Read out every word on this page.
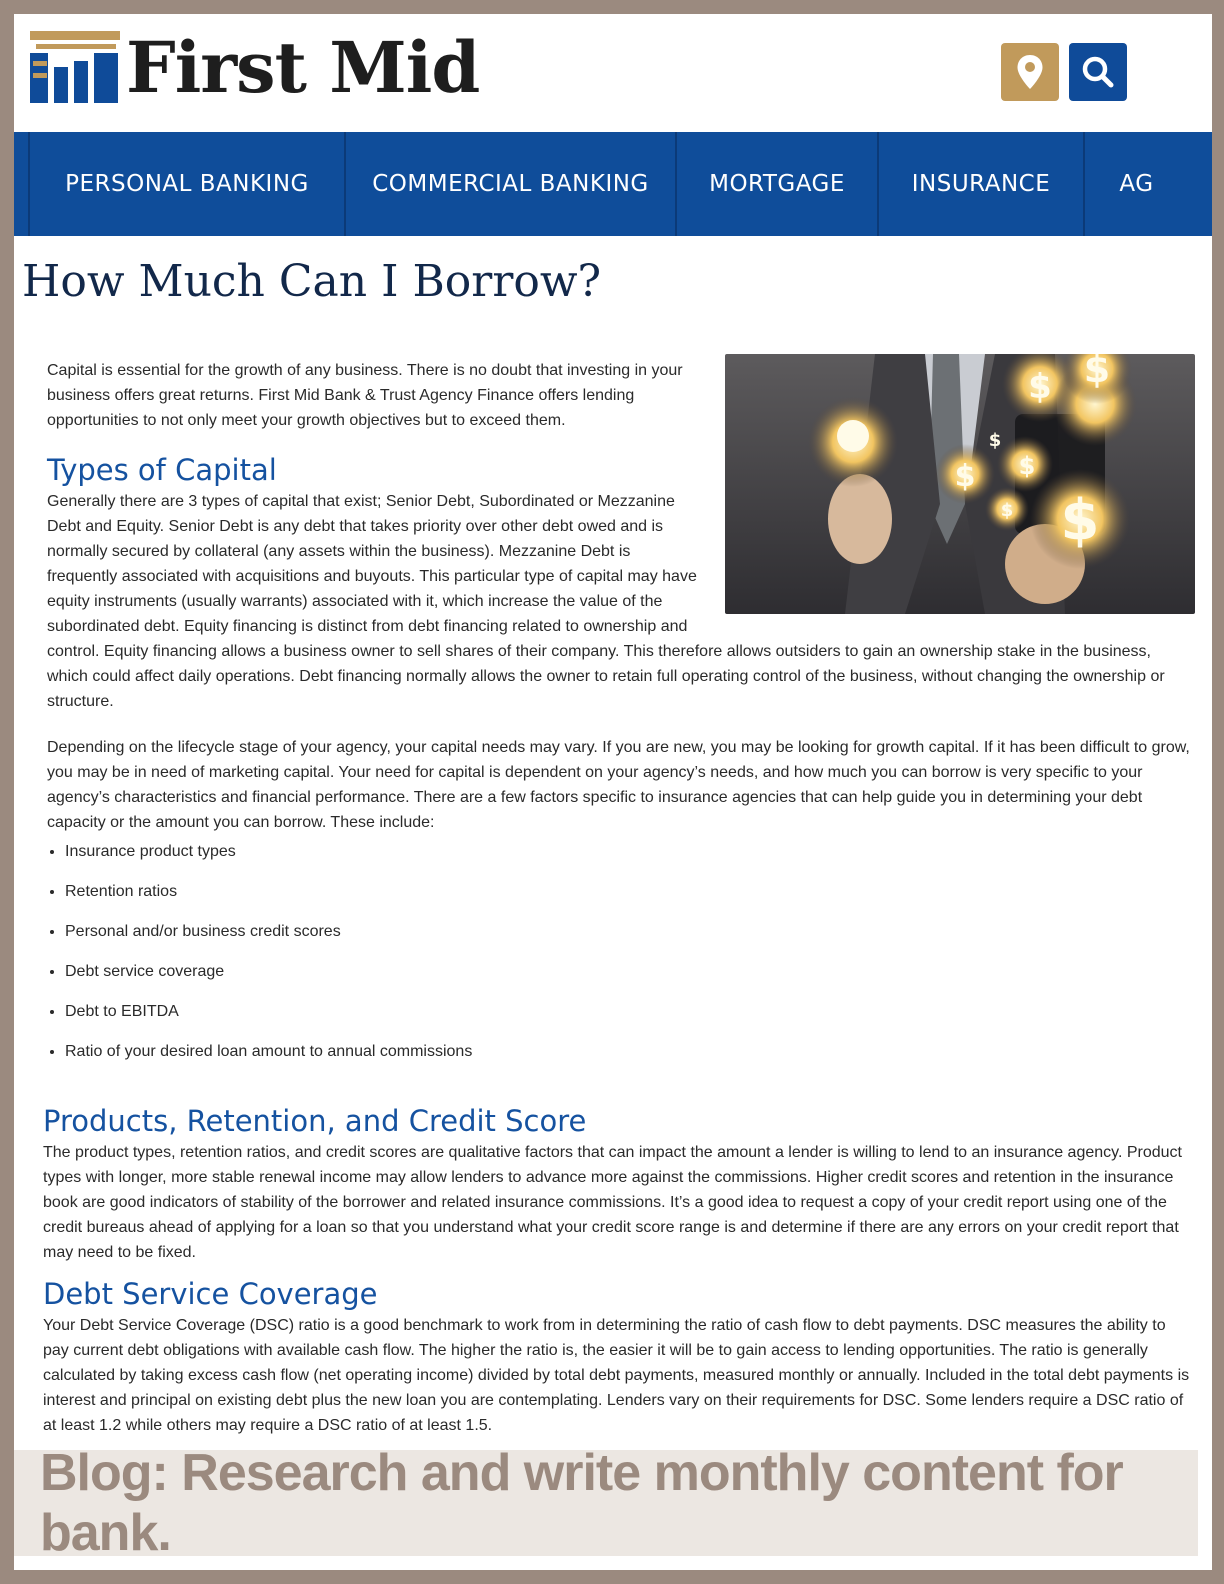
First Mid
PERSONAL BANKING	COMMERCIAL BANKING	MORTGAGE	INSURANCE	AG
How Much Can I Borrow?
$ $
$ $
$
$ $

Capital is essential for the growth of any business. There is no doubt that investing in your business offers great returns. First Mid Bank & Trust Agency Finance offers lending opportunities to not only meet your growth objectives but to exceed them.

Types of Capital

Generally there are 3 types of capital that exist; Senior Debt, Subordinated or Mezzanine Debt and Equity. Senior Debt is any debt that takes priority over other debt owed and is normally secured by collateral (any assets within the business). Mezzanine Debt is frequently associated with acquisitions and buyouts. This particular type of capital may have equity instruments (usually warrants) associated with it, which increase the value of the subordinated debt. Equity financing is distinct from debt financing related to ownership and control. Equity financing allows a business owner to sell shares of their company. This therefore allows outsiders to gain an ownership stake in the business, which could affect daily operations. Debt financing normally allows the owner to retain full operating control of the business, without changing the ownership or structure.

Depending on the lifecycle stage of your agency, your capital needs may vary. If you are new, you may be looking for growth capital. If it has been difficult to grow, you may be in need of marketing capital. Your need for capital is dependent on your agency’s needs, and how much you can borrow is very specific to your agency’s characteristics and financial performance. There are a few factors specific to insurance agencies that can help guide you in determining your debt capacity or the amount you can borrow. These include:

• Insurance product types
• Retention ratios
• Personal and/or business credit scores
• Debt service coverage
• Debt to EBITDA
• Ratio of your desired loan amount to annual commissions
Products, Retention, and Credit Score

The product types, retention ratios, and credit scores are qualitative factors that can impact the amount a lender is willing to lend to an insurance agency. Product types with longer, more stable renewal income may allow lenders to advance more against the commissions. Higher credit scores and retention in the insurance book are good indicators of stability of the borrower and related insurance commissions. It’s a good idea to request a copy of your credit report using one of the credit bureaus ahead of applying for a loan so that you understand what your credit score range is and determine if there are any errors on your credit report that may need to be fixed.

Debt Service Coverage

Your Debt Service Coverage (DSC) ratio is a good benchmark to work from in determining the ratio of cash flow to debt payments. DSC measures the ability to pay current debt obligations with available cash flow. The higher the ratio is, the easier it will be to gain access to lending opportunities. The ratio is generally calculated by taking excess cash flow (net operating income) divided by total debt payments, measured monthly or annually. Included in the total debt payments is interest and principal on existing debt plus the new loan you are contemplating. Lenders vary on their requirements for DSC. Some lenders require a DSC ratio of at least 1.2 while others may require a DSC ratio of at least 1.5.

Blog: Research and write monthly content for bank.
